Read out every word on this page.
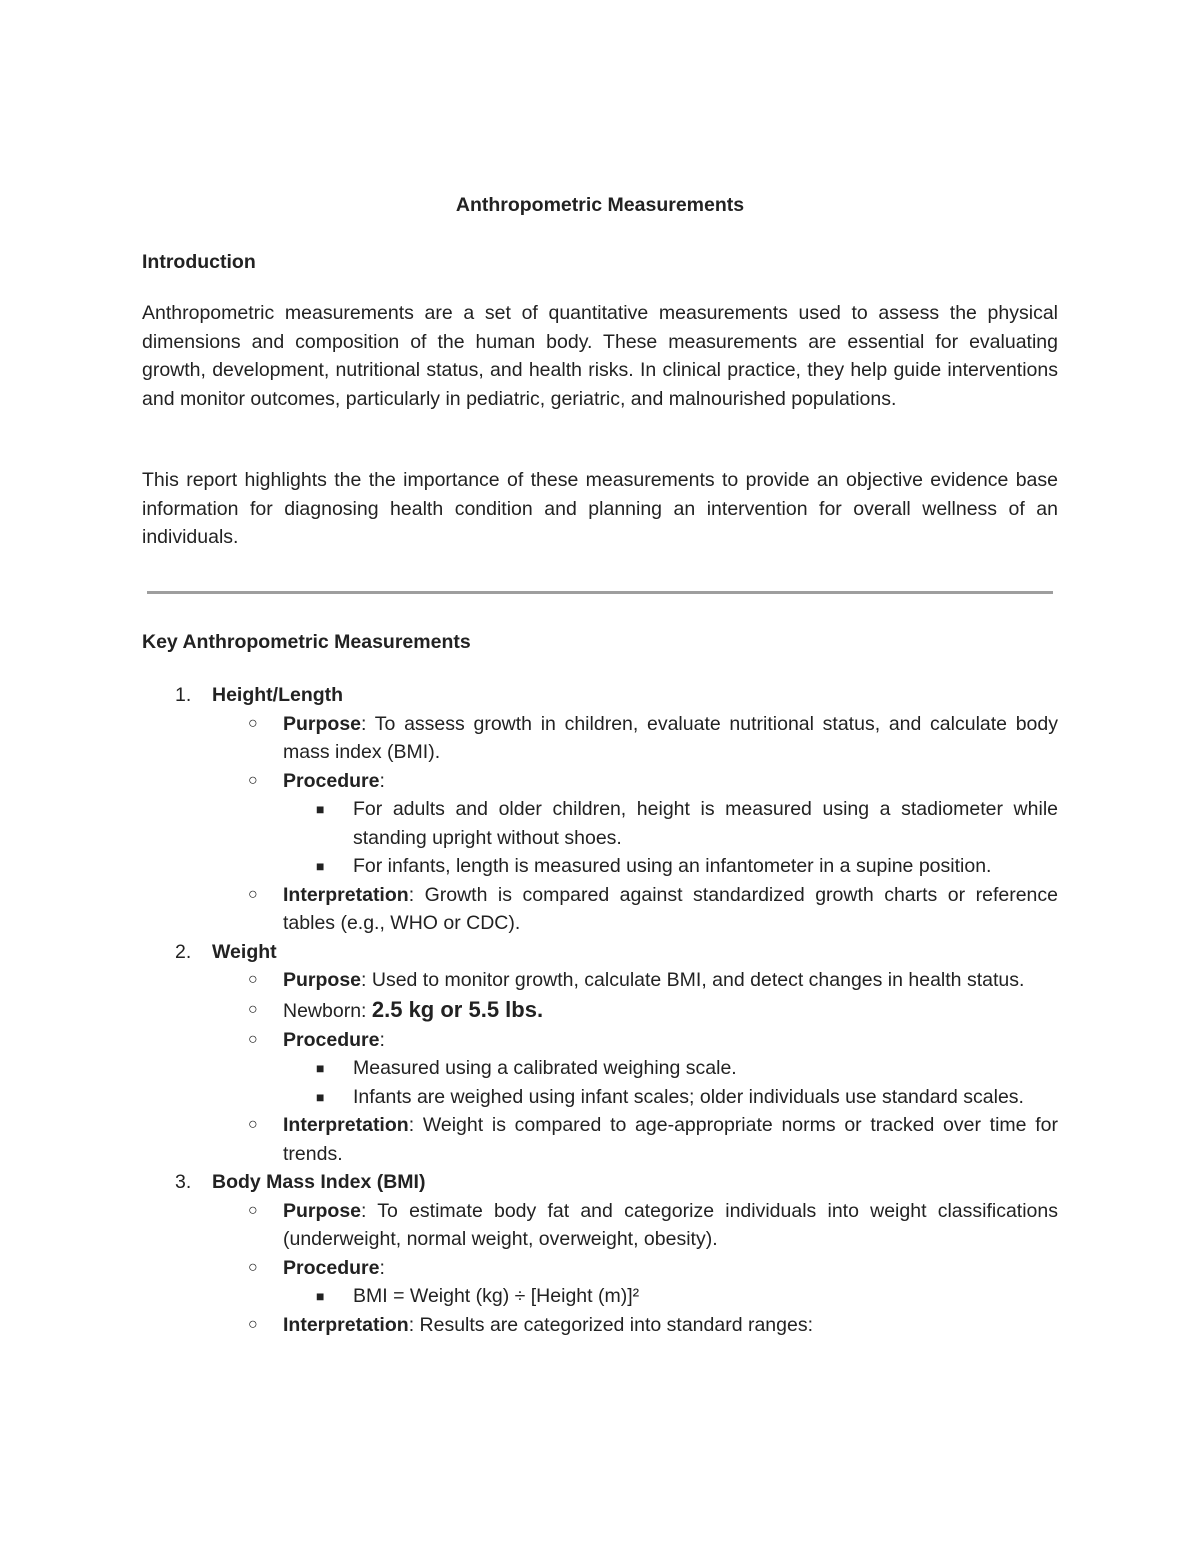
Anthropometric Measurements
Introduction

Anthropometric measurements are a set of quantitative measurements used to assess the physical dimensions and composition of the human body. These measurements are essential for evaluating growth, development, nutritional status, and health risks. In clinical practice, they help guide interventions and monitor outcomes, particularly in pediatric, geriatric, and malnourished populations.

This report highlights the the importance of these measurements to provide an objective evidence base information for diagnosing health condition and planning an intervention for overall wellness of an individuals.

Key Anthropometric Measurements
1. Height/Length
○ Purpose: To assess growth in children, evaluate nutritional status, and calculate body mass index (BMI).
○ Procedure:
■ For adults and older children, height is measured using a stadiometer while standing upright without shoes.
■ For infants, length is measured using an infantometer in a supine position.
○ Interpretation: Growth is compared against standardized growth charts or reference tables (e.g., WHO or CDC).
2. Weight
○ Purpose: Used to monitor growth, calculate BMI, and detect changes in health status.
○ Newborn: 2.5 kg or 5.5 lbs.
○ Procedure:
■ Measured using a calibrated weighing scale.
■ Infants are weighed using infant scales; older individuals use standard scales.
○ Interpretation: Weight is compared to age-appropriate norms or tracked over time for trends.
3. Body Mass Index (BMI)
○ Purpose: To estimate body fat and categorize individuals into weight classifications (underweight, normal weight, overweight, obesity).
○ Procedure:
■ BMI = Weight (kg) ÷ [Height (m)]²
○ Interpretation: Results are categorized into standard ranges:
